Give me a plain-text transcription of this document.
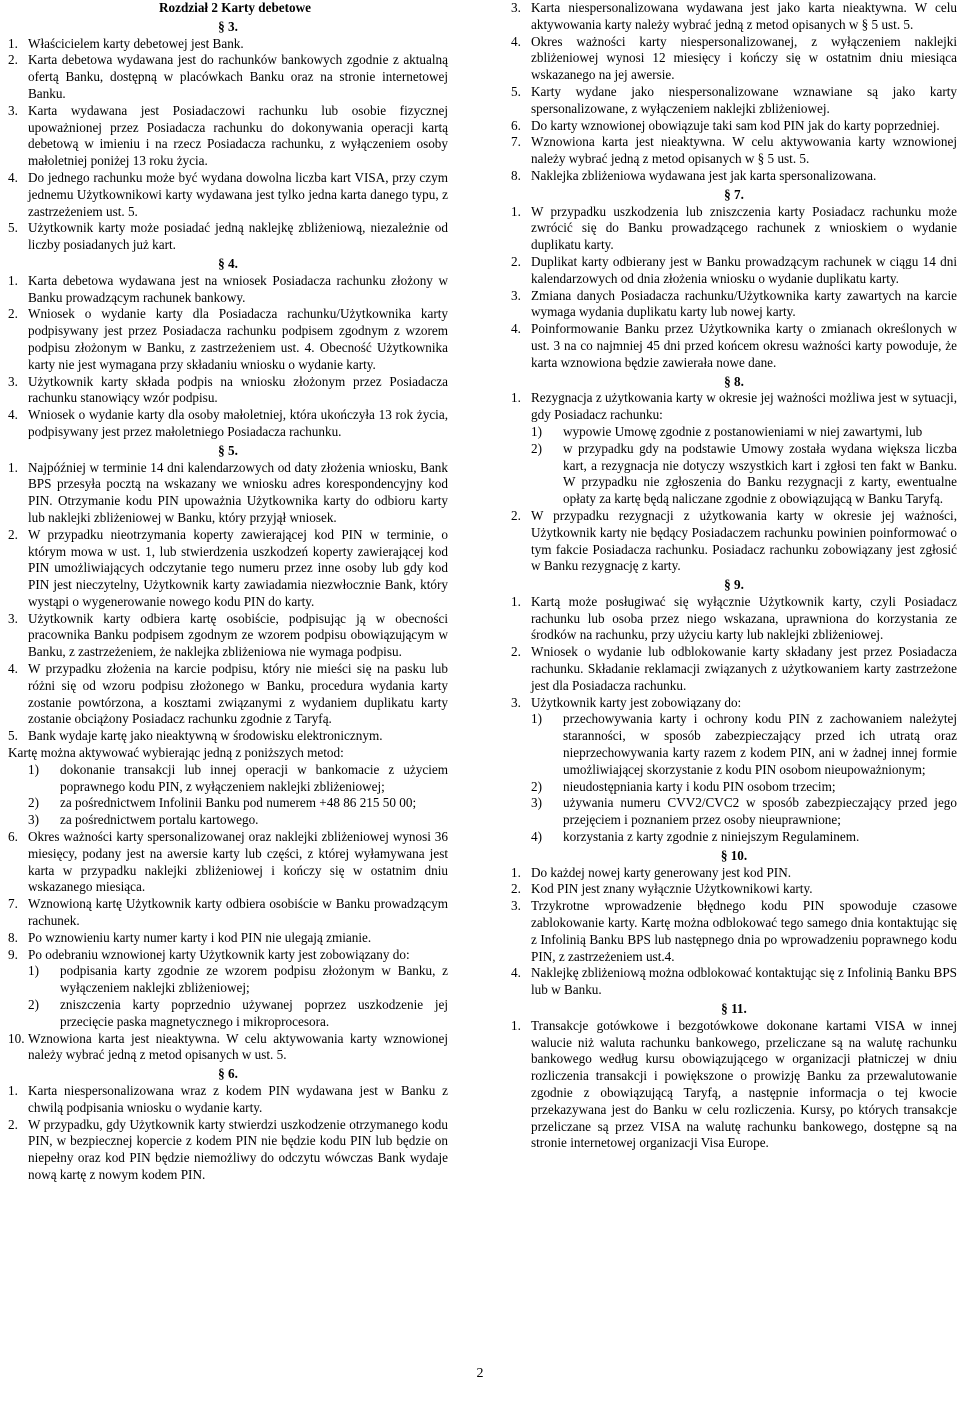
Rozdział 2 Karty debetowe
§ 3.
1. Właścicielem karty debetowej jest Bank.
2. Karta debetowa wydawana jest do rachunków bankowych zgodnie z aktualną ofertą Banku, dostępną w placówkach Banku oraz na stronie internetowej Banku.
3. Karta wydawana jest Posiadaczowi rachunku lub osobie fizycznej upoważnionej przez Posiadacza rachunku do dokonywania operacji kartą debetową w imieniu i na rzecz Posiadacza rachunku, z wyłączeniem osoby małoletniej poniżej 13 roku życia.
4. Do jednego rachunku może być wydana dowolna liczba kart VISA, przy czym jednemu Użytkownikowi karty wydawana jest tylko jedna karta danego typu, z zastrzeżeniem ust. 5.
5. Użytkownik karty może posiadać jedną naklejkę zbliżeniową, niezależnie od liczby posiadanych już kart.
§ 4.
1. Karta debetowa wydawana jest na wniosek Posiadacza rachunku złożony w Banku prowadzącym rachunek bankowy.
2. Wniosek o wydanie karty dla Posiadacza rachunku/Użytkownika karty podpisywany jest przez Posiadacza rachunku podpisem zgodnym z wzorem podpisu złożonym w Banku, z zastrzeżeniem ust. 4. Obecność Użytkownika karty nie jest wymagana przy składaniu wniosku o wydanie karty.
3. Użytkownik karty składa podpis na wniosku złożonym przez Posiadacza rachunku stanowiący wzór podpisu.
4. Wniosek o wydanie karty dla osoby małoletniej, która ukończyła 13 rok życia, podpisywany jest przez małoletniego Posiadacza rachunku.
§ 5.
1. Najpóźniej w terminie 14 dni kalendarzowych od daty złożenia wniosku, Bank BPS przesyła pocztą na wskazany we wniosku adres korespondencyjny kod PIN. Otrzymanie kodu PIN upoważnia Użytkownika karty do odbioru karty lub naklejki zbliżeniowej w Banku, który przyjął wniosek.
2. W przypadku nieotrzymania koperty zawierającej kod PIN w terminie, o którym mowa w ust. 1, lub stwierdzenia uszkodzeń koperty zawierającej kod PIN umożliwiających odczytanie tego numeru przez inne osoby lub gdy kod PIN jest nieczytelny, Użytkownik karty zawiadamia niezwłocznie Bank, który wystąpi o wygenerowanie nowego kodu PIN do karty.
3. Użytkownik karty odbiera kartę osobiście, podpisując ją w obecności pracownika Banku podpisem zgodnym ze wzorem podpisu obowiązującym w Banku, z zastrzeżeniem, że naklejka zbliżeniowa nie wymaga podpisu.
4. W przypadku złożenia na karcie podpisu, który nie mieści się na pasku lub różni się od wzoru podpisu złożonego w Banku, procedura wydania karty zostanie powtórzona, a kosztami związanymi z wydaniem duplikatu karty zostanie obciążony Posiadacz rachunku zgodnie z Taryfą.
5. Bank wydaje kartę jako nieaktywną w środowisku elektronicznym.
Kartę można aktywować wybierając jedną z poniższych metod:
1) dokonanie transakcji lub innej operacji w bankomacie z użyciem poprawnego kodu PIN, z wyłączeniem naklejki zbliżeniowej;
2) za pośrednictwem Infolinii Banku pod numerem +48 86 215 50 00;
3) za pośrednictwem portalu kartowego.
6. Okres ważności karty spersonalizowanej oraz naklejki zbliżeniowej wynosi 36 miesięcy, podany jest na awersie karty lub części, z której wyłamywana jest karta w przypadku naklejki zbliżeniowej i kończy się w ostatnim dniu wskazanego miesiąca.
7. Wznowioną kartę Użytkownik karty odbiera osobiście w Banku prowadzącym rachunek.
8. Po wznowieniu karty numer karty i kod PIN nie ulegają zmianie.
9. Po odebraniu wznowionej karty Użytkownik karty jest zobowiązany do:
1) podpisania karty zgodnie ze wzorem podpisu złożonym w Banku, z wyłączeniem naklejki zbliżeniowej;
2) zniszczenia karty poprzednio używanej poprzez uszkodzenie jej przecięcie paska magnetycznego i mikroprocesora.
10. Wznowiona karta jest nieaktywna. W celu aktywowania karty wznowionej należy wybrać jedną z metod opisanych w ust. 5.
§ 6.
1. Karta niespersonalizowana wraz z kodem PIN wydawana jest w Banku z chwilą podpisania wniosku o wydanie karty.
2. W przypadku, gdy Użytkownik karty stwierdzi uszkodzenie otrzymanego kodu PIN, w bezpiecznej kopercie z kodem PIN nie będzie kodu PIN lub będzie on niepełny oraz kod PIN będzie niemożliwy do odczytu wówczas Bank wydaje nową kartę z nowym kodem PIN.
3. Karta niespersonalizowana wydawana jest jako karta nieaktywna. W celu aktywowania karty należy wybrać jedną z metod opisanych w § 5 ust. 5.
4. Okres ważności karty niespersonalizowanej, z wyłączeniem naklejki zbliżeniowej wynosi 12 miesięcy i kończy się w ostatnim dniu miesiąca wskazanego na jej awersie.
5. Karty wydane jako niespersonalizowane wznawiane są jako karty spersonalizowane, z wyłączeniem naklejki zbliżeniowej.
6. Do karty wznowionej obowiązuje taki sam kod PIN jak do karty poprzedniej.
7. Wznowiona karta jest nieaktywna. W celu aktywowania karty wznowionej należy wybrać jedną z metod opisanych w § 5 ust. 5.
8. Naklejka zbliżeniowa wydawana jest jak karta spersonalizowana.
§ 7.
1. W przypadku uszkodzenia lub zniszczenia karty Posiadacz rachunku może zwrócić się do Banku prowadzącego rachunek z wnioskiem o wydanie duplikatu karty.
2. Duplikat karty odbierany jest w Banku prowadzącym rachunek w ciągu 14 dni kalendarzowych od dnia złożenia wniosku o wydanie duplikatu karty.
3. Zmiana danych Posiadacza rachunku/Użytkownika karty zawartych na karcie wymaga wydania duplikatu karty lub nowej karty.
4. Poinformowanie Banku przez Użytkownika karty o zmianach określonych w ust. 3 na co najmniej 45 dni przed końcem okresu ważności karty powoduje, że karta wznowiona będzie zawierała nowe dane.
§ 8.
1. Rezygnacja z użytkowania karty w okresie jej ważności możliwa jest w sytuacji, gdy Posiadacz rachunku:
1) wypowie Umowę zgodnie z postanowieniami w niej zawartymi, lub
2) w przypadku gdy na podstawie Umowy została wydana większa liczba kart, a rezygnacja nie dotyczy wszystkich kart i zgłosi ten fakt w Banku. W przypadku nie zgłoszenia do Banku rezygnacji z karty, ewentualne opłaty za kartę będą naliczane zgodnie z obowiązującą w Banku Taryfą.
2. W przypadku rezygnacji z użytkowania karty w okresie jej ważności, Użytkownik karty nie będący Posiadaczem rachunku powinien poinformować o tym fakcie Posiadacza rachunku. Posiadacz rachunku zobowiązany jest zgłosić w Banku rezygnację z karty.
§ 9.
1. Kartą może posługiwać się wyłącznie Użytkownik karty, czyli Posiadacz rachunku lub osoba przez niego wskazana, uprawniona do korzystania ze środków na rachunku, przy użyciu karty lub naklejki zbliżeniowej.
2. Wniosek o wydanie lub odblokowanie karty składany jest przez Posiadacza rachunku. Składanie reklamacji związanych z użytkowaniem karty zastrzeżone jest dla Posiadacza rachunku.
3. Użytkownik karty jest zobowiązany do:
1) przechowywania karty i ochrony kodu PIN z zachowaniem należytej staranności, w sposób zabezpieczający przed ich utratą oraz nieprzechowywania karty razem z kodem PIN, ani w żadnej innej formie umożliwiającej skorzystanie z kodu PIN osobom nieupoważnionym;
2) nieudostępniania karty i kodu PIN osobom trzecim;
3) używania numeru CVV2/CVC2 w sposób zabezpieczający przed jego przejęciem i poznaniem przez osoby nieuprawnione;
4) korzystania z karty zgodnie z niniejszym Regulaminem.
§ 10.
1. Do każdej nowej karty generowany jest kod PIN.
2. Kod PIN jest znany wyłącznie Użytkownikowi karty.
3. Trzykrotne wprowadzenie błędnego kodu PIN spowoduje czasowe zablokowanie karty. Kartę można odblokować tego samego dnia kontaktując się z Infolinią Banku BPS lub następnego dnia po wprowadzeniu poprawnego kodu PIN, z zastrzeżeniem ust.4.
4. Naklejkę zbliżeniową można odblokować kontaktując się z Infolinią Banku BPS lub w Banku.
§ 11.
1. Transakcje gotówkowe i bezgotówkowe dokonane kartami VISA w innej walucie niż waluta rachunku bankowego, przeliczane są na walutę rachunku bankowego według kursu obowiązującego w organizacji płatniczej w dniu rozliczenia transakcji i powiększone o prowizję Banku za przewalutowanie zgodnie z obowiązującą Taryfą, a następnie informacja o tej kwocie przekazywana jest do Banku w celu rozliczenia. Kursy, po których transakcje przeliczane są przez VISA na walutę rachunku bankowego, dostępne są na stronie internetowej organizacji Visa Europe.
2
